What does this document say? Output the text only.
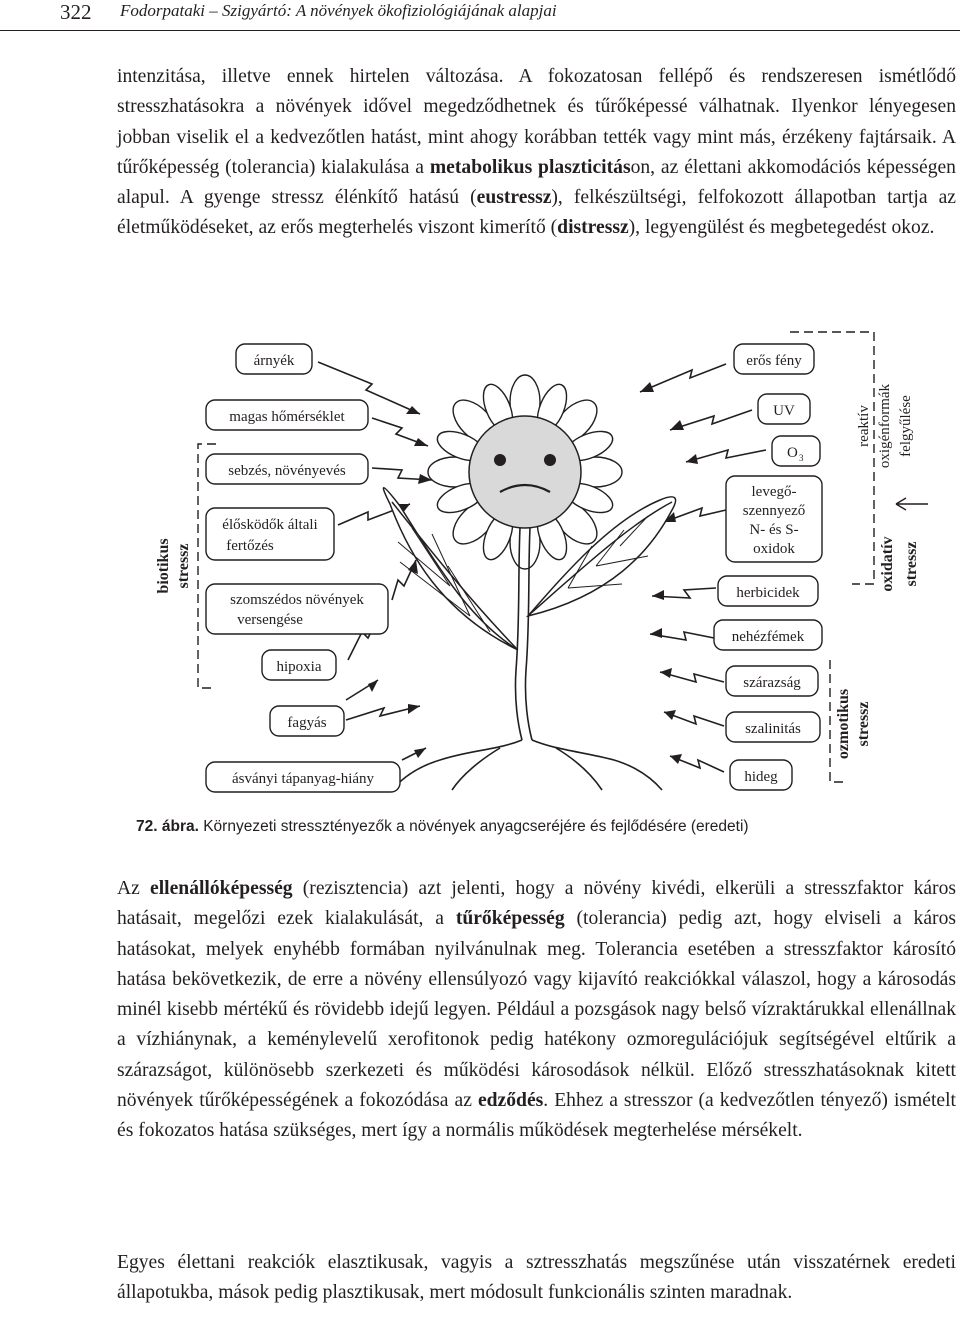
322 Fodorpataki – Szigyártó: A növények ökofiziológiájának alapjai

intenzitása, illetve ennek hirtelen változása. A fokozatosan fellépő és rendszeresen ismétlődő stresszhatásokra a növények idővel megedződhetnek és tűrőképessé válhatnak. Ilyenkor lényegesen jobban viselik el a kedvezőtlen hatást, mint ahogy korábban tették vagy mint más, érzékeny fajtársaik. A tűrőképesség (tolerancia) kialakulása a metabolikus plaszticitáson, az élettani akkomodációs képességen alapul. A gyenge stressz élénkítő hatású (eustressz), felkészültségi, felfokozott állapotban tartja az életműködéseket, az erős megterhelés viszont kimerítő (distressz), legyengülést és megbetegedést okoz.

árnyék
magas hőmérséklet
sebzés, növényevés
élősködők általi
fertőzés
szomszédos növények
versengése
hipoxia
fagyás
ásványi tápanyag-hiány
erős fény
UV
O 3
levegő-
szennyező
N- és S-
oxidok
herbicidek
nehézfémek
szárazság
szalinitás
hideg
biotikus stressz	oxidatív stressz
ozmotikus stressz
reaktív oxigénformák felgyűlése
72. ábra. Környezeti stressztényezők a növények anyagcseréjére és fejlődésére (eredeti)

Az ellenállóképesség (rezisztencia) azt jelenti, hogy a növény kivédi, elkerüli a stresszfaktor káros hatásait, megelőzi ezek kialakulását, a tűrőképesség (tolerancia) pedig azt, hogy elviseli a káros hatásokat, melyek enyhébb formában nyilvánulnak meg. Tolerancia esetében a stresszfaktor károsító hatása bekövetkezik, de erre a növény ellensúlyozó vagy kijavító reakciókkal válaszol, hogy a károsodás minél kisebb mértékű és rövidebb idejű legyen. Például a pozsgások nagy belső vízraktárukkal ellenállnak a vízhiánynak, a keménylevelű xerofitonok pedig hatékony ozmoregulációjuk segítségével eltűrik a szárazságot, különösebb szerkezeti és működési károsodások nélkül. Előző stresszhatásoknak kitett növények tűrőképességének a fokozódása az edződés. Ehhez a stresszor (a kedvezőtlen tényező) ismételt és fokozatos hatása szükséges, mert így a normális működések megterhelése mérsékelt.

Egyes élettani reakciók elasztikusak, vagyis a sztresszhatás megszűnése után visszatérnek eredeti állapotukba, mások pedig plasztikusak, mert módosult funkcionális szinten maradnak.
